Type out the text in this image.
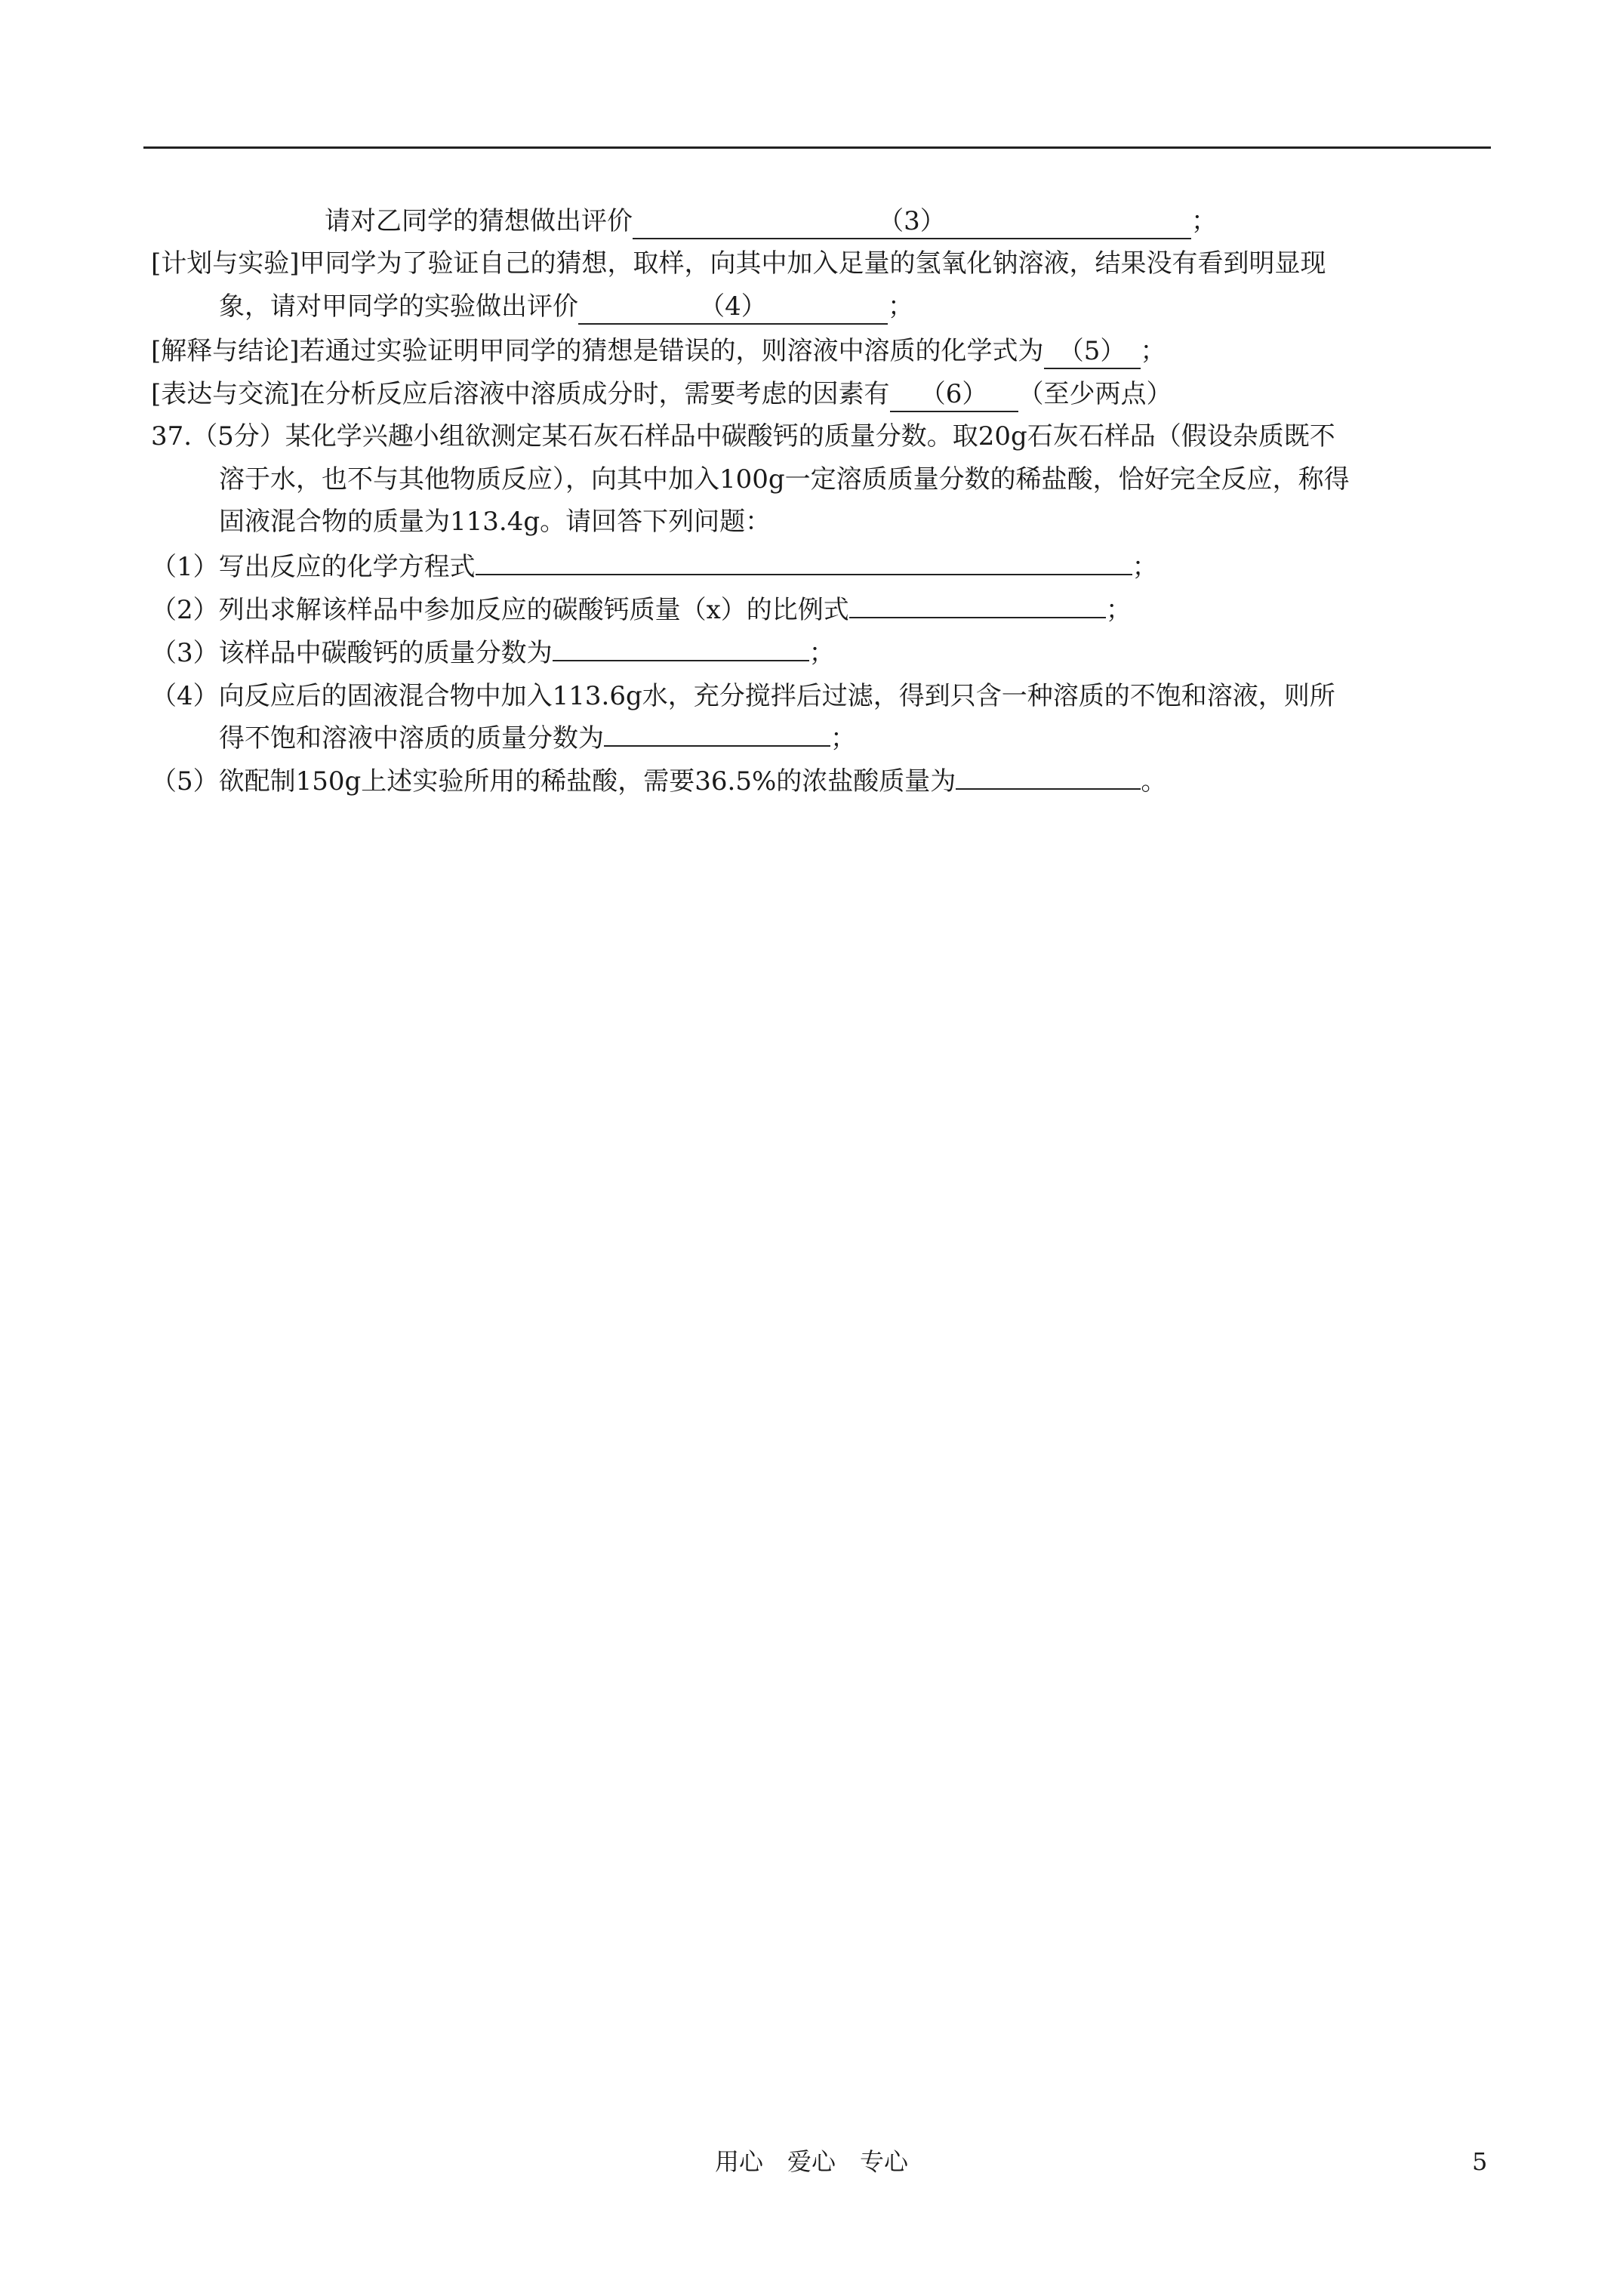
请对乙同学的猜想做出评价	（3）	；
[计划与实验]甲同学为了验证自己的猜想，取样，向其中加入足量的氢氧化钠溶液，结果没有看到明显现
象，请对甲同学的实验做出评价	（4）	；
[解释与结论]若通过实验证明甲同学的猜想是错误的，则溶液中溶质的化学式为 （5） ；
[表达与交流]在分析反应后溶液中溶质成分时，需要考虑的因素有 （6） （至少两点）
37.（5分）某化学兴趣小组欲测定某石灰石样品中碳酸钙的质量分数。取20g石灰石样品（假设杂质既不
溶于水，也不与其他物质反应），向其中加入100g一定溶质质量分数的稀盐酸，恰好完全反应，称得
固液混合物的质量为113.4g。请回答下列问题：
（1）写出反应的化学方程式	；
（2）列出求解该样品中参加反应的碳酸钙质量（x）的比例式	；
（3）该样品中碳酸钙的质量分数为	；
（4）向反应后的固液混合物中加入113.6g水，充分搅拌后过滤，得到只含一种溶质的不饱和溶液，则所
得不饱和溶液中溶质的质量分数为	；
（5）欲配制150g上述实验所用的稀盐酸，需要36.5%的浓盐酸质量为	。
用心　爱心　专心	5
